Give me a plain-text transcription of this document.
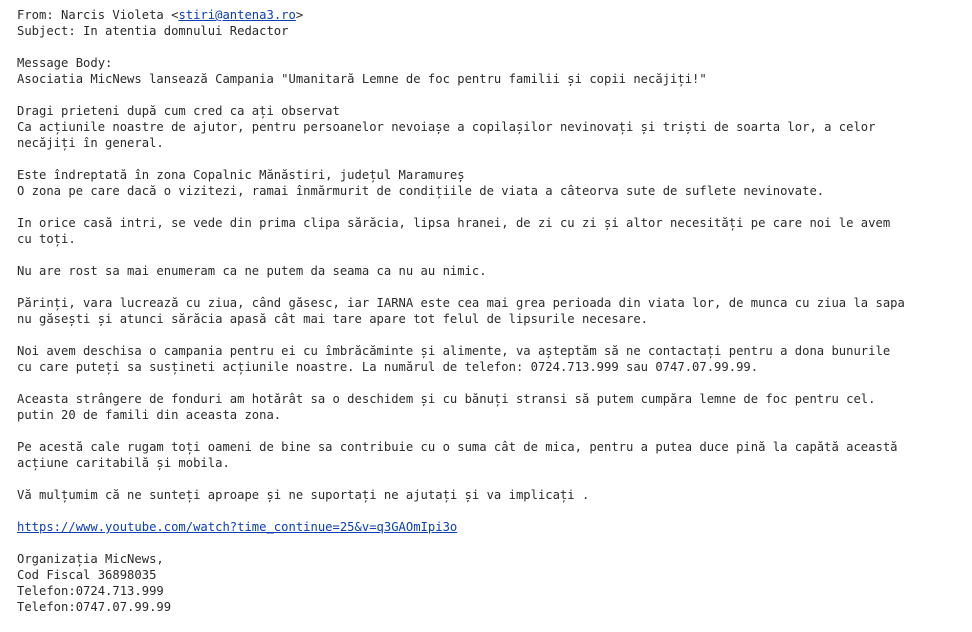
From: Narcis Violeta <stiri@antena3.ro>
Subject: In atentia domnului Redactor
Message Body:
Asociatia MicNews lansează Campania "Umanitară Lemne de foc pentru familii și copii necăjiți!"
Dragi prieteni după cum cred ca ați observat
Ca acțiunile noastre de ajutor, pentru persoanelor nevoiașe a copilașilor nevinovați și triști de soarta lor, a celor
necăjiți în general.
Este îndreptată în zona Copalnic Mănăstiri, județul Maramureș
O zona pe care dacă o vizitezi, ramai înmărmurit de condițiile de viata a câteorva sute de suflete nevinovate.
In orice casă intri, se vede din prima clipa sărăcia, lipsa hranei, de zi cu zi și altor necesități pe care noi le avem
cu toți.
Nu are rost sa mai enumeram ca ne putem da seama ca nu au nimic.
Părinți, vara lucrează cu ziua, când găsesc, iar IARNA este cea mai grea perioada din viata lor, de munca cu ziua la sapa
nu găsești și atunci sărăcia apasă cât mai tare apare tot felul de lipsurile necesare.
Noi avem deschisa o campania pentru ei cu îmbrăcăminte și alimente, va așteptăm să ne contactați pentru a dona bunurile
cu care puteți sa susțineti acțiunile noastre. La numărul de telefon: 0724.713.999 sau 0747.07.99.99.
Aceasta strângere de fonduri am hotărât sa o deschidem și cu bănuți stransi să putem cumpăra lemne de foc pentru cel.
putin 20 de famili din aceasta zona.
Pe acestă cale rugam toți oameni de bine sa contribuie cu o suma cât de mica, pentru a putea duce pină la capătă această
acțiune caritabilă și mobila.
Vă mulțumim că ne sunteți aproape și ne suportați ne ajutați și va implicați .
https://www.youtube.com/watch?time_continue=25&v=q3GAOmIpi3o
Organizația MicNews,
Cod Fiscal 36898035
Telefon:0724.713.999
Telefon:0747.07.99.99
